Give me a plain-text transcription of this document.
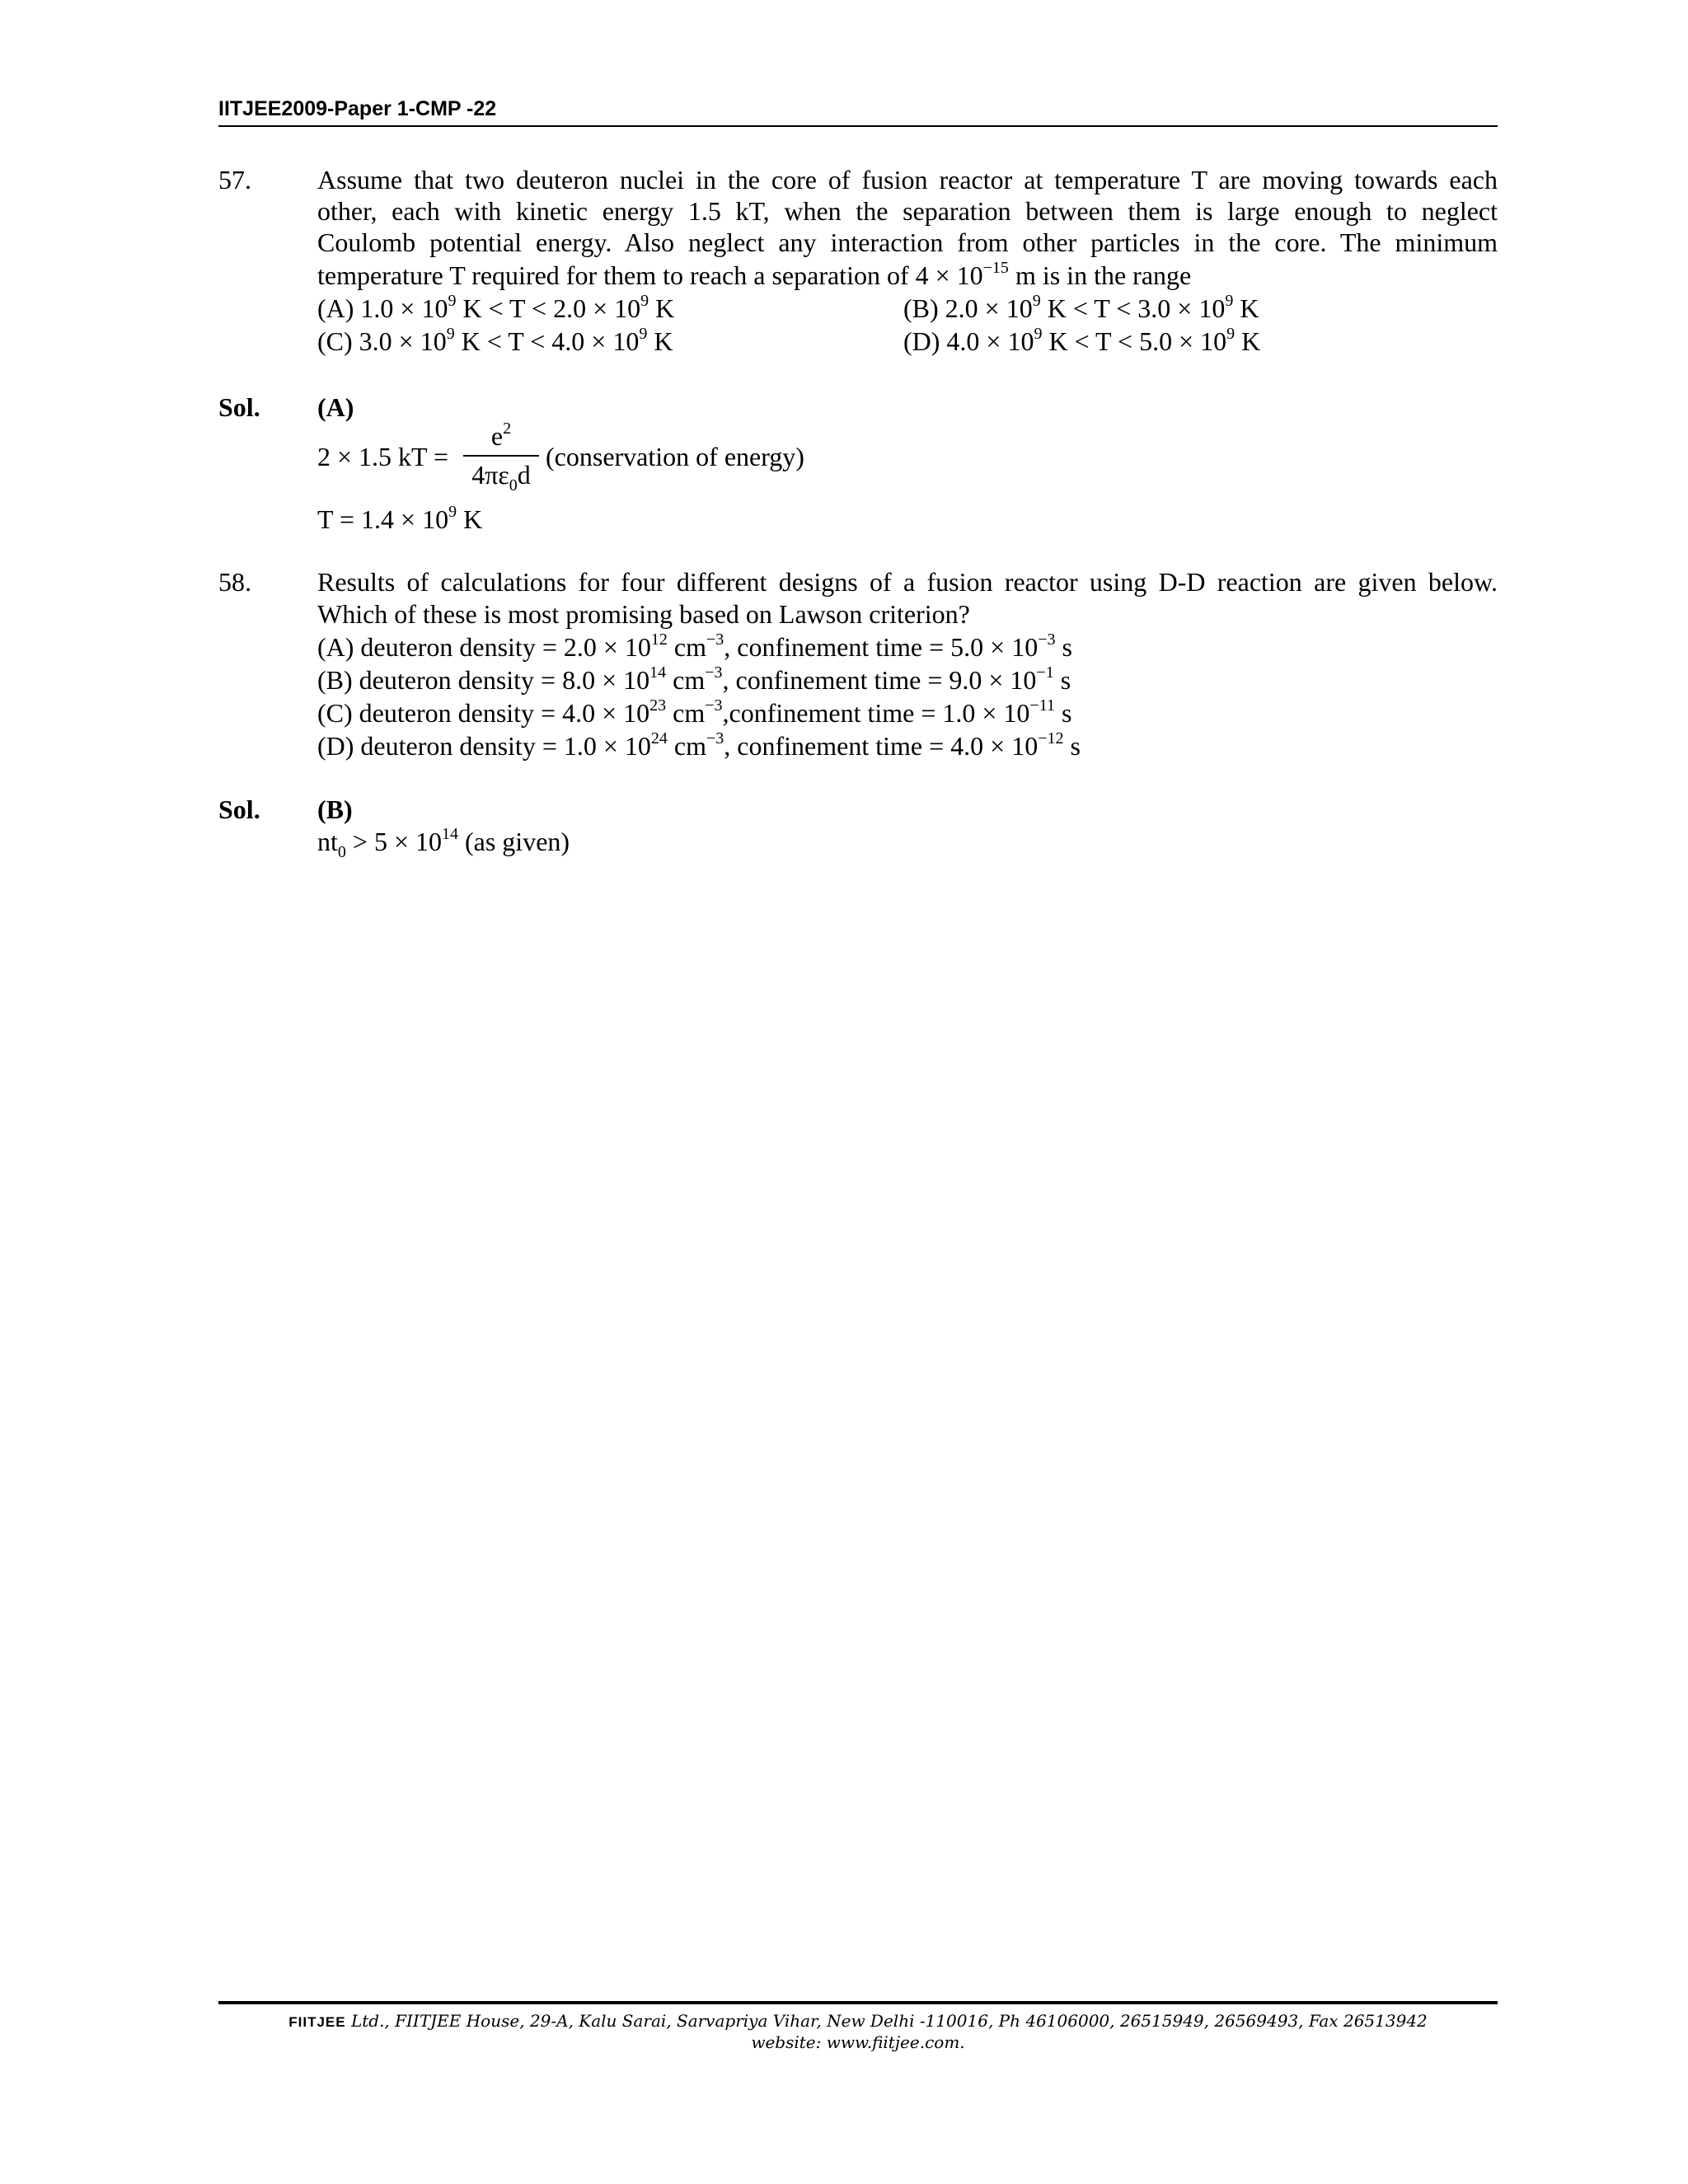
IITJEE2009-Paper 1-CMP -22
57.	Assume that two deuteron nuclei in the core of fusion reactor at temperature T are moving towards each
other, each with kinetic energy 1.5 kT, when the separation between them is large enough to neglect
Coulomb potential energy. Also neglect any interaction from other particles in the core. The minimum
temperature T required for them to reach a separation of $4 \times 10^{-15}$ m is in the range
(A) $1.0 \times 10^9$ $K < T < 2.0 \times 10^9$ K	(B) $2.0 \times 10^9$ $K < T < 3.0 \times 10^9$ K
(C) $3.0 \times 10^9$ $K < T < 4.0 \times 10^9$ K	(D) $4.0 \times 10^9$ $K < T < 5.0 \times 10^9$ K
Sol. (A)
2 × 1.5 kT =
$e^2$
$4\pi\varepsilon_0d$
(conservation of energy)
$T = 1.4 \times 10^9$ K
58.	Results of calculations for four different designs of a fusion reactor using D-D reaction are given below.
Which of these is most promising based on Lawson criterion?
(A) deuteron density = $2.0 \times 10^{12}$ $cm^{-3}$, confinement time = $5.0 \times 10^{-3}$ s
(B) deuteron density = $8.0 \times 10^{14}$ $cm^{-3}$, confinement time = $9.0 \times 10^{-1}$ s
(C) deuteron density = $4.0 \times 10^{23}$ $cm^{-3},confinement$ time = $1.0 \times 10^{-11}$ s
(D) deuteron density = $1.0 \times 10^{24}$ $cm^{-3}$, confinement time = $4.0 \times 10^{-12}$ s
Sol. (B)
$nt_0 > 5 \times 10^{14}$ (as given)
FIITJEE Ltd., FIITJEE House, 29-A, Kalu Sarai, Sarvapriya Vihar, New Delhi -110016, Ph 46106000, 26515949, 26569493, Fax 26513942
website: www.fiitjee.com.
